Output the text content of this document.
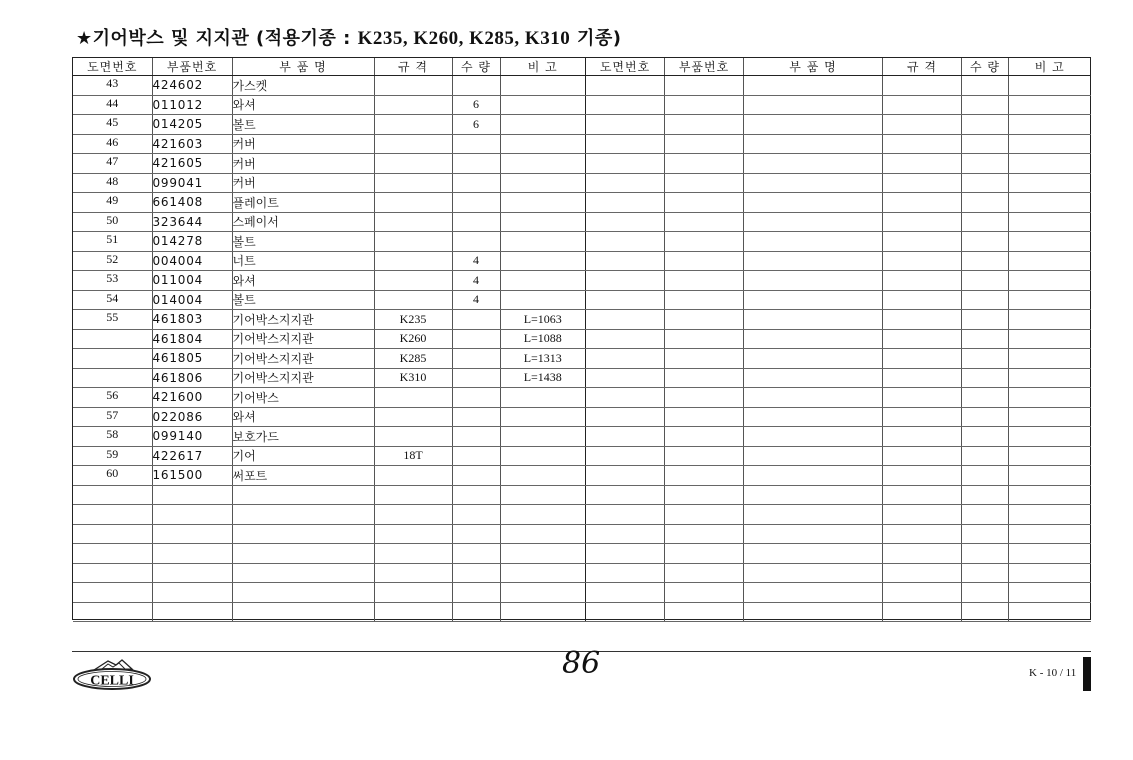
★기어박스 및 지지관 (적용기종 : K235, K260, K285, K310 기종)
도면번호	부품번호	부 품 명	규 격	수 량	비 고
43	424602	가스켓			
44	011012	와셔		6	
45	014205	볼트		6	
46	421603	커버			
47	421605	커버			
48	099041	커버			
49	661408	플레이트			
50	323644	스페이서			
51	014278	볼트			
52	004004	너트		4	
53	011004	와셔		4	
54	014004	볼트		4	
55	461803	기어박스지지관	K235		L=1063
	461804	기어박스지지관	K260		L=1088
	461805	기어박스지지관	K285		L=1313
	461806	기어박스지지관	K310		L=1438
56	421600	기어박스			
57	022086	와셔			
58	099140	보호가드			
59	422617	기어	18T		
60	161500	써포트			

도면번호	부품번호	부 품 명	규 격	수 량	비 고

CELLI	86	K - 10 / 11
